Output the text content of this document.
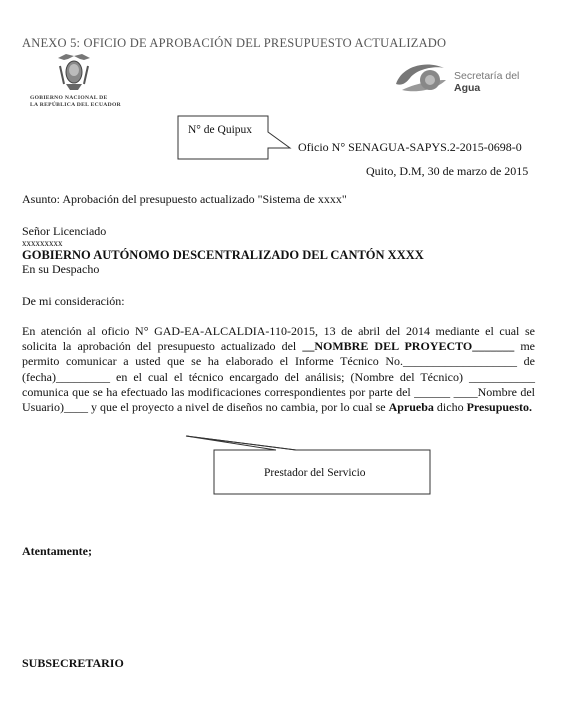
ANEXO 5: OFICIO DE APROBACIÓN DEL PRESUPUESTO ACTUALIZADO
GOBIERNO NACIONAL DE
LA REPÚBLICA DEL ECUADOR
Secretaría del
Agua
N° de Quipux
Prestador del Servicio
Oficio N° SENAGUA-SAPYS.2-2015-0698-0
Quito, D.M, 30 de marzo de 2015
Asunto: Aprobación del presupuesto actualizado "Sistema de xxxx"
Señor Licenciado
xxxxxxxxx
GOBIERNO AUTÓNOMO DESCENTRALIZADO DEL CANTÓN XXXX
En su Despacho
De mi consideración:
En atención al oficio N° GAD-EA-ALCALDIA-110-2015, 13 de abril del 2014 mediante el cual se solicita la aprobación del presupuesto actualizado del __NOMBRE DEL PROYECTO_______ me permito comunicar a usted que se ha elaborado el Informe Técnico No.___________________ de (fecha)_________ en el cual el técnico encargado del análisis; (Nombre del Técnico) ___________ comunica que se ha efectuado las modificaciones correspondientes por parte del ______ ____Nombre del Usuario)____ y que el proyecto a nivel de diseños no cambia, por lo cual se Aprueba dicho Presupuesto.
Atentamente;
SUBSECRETARIO
